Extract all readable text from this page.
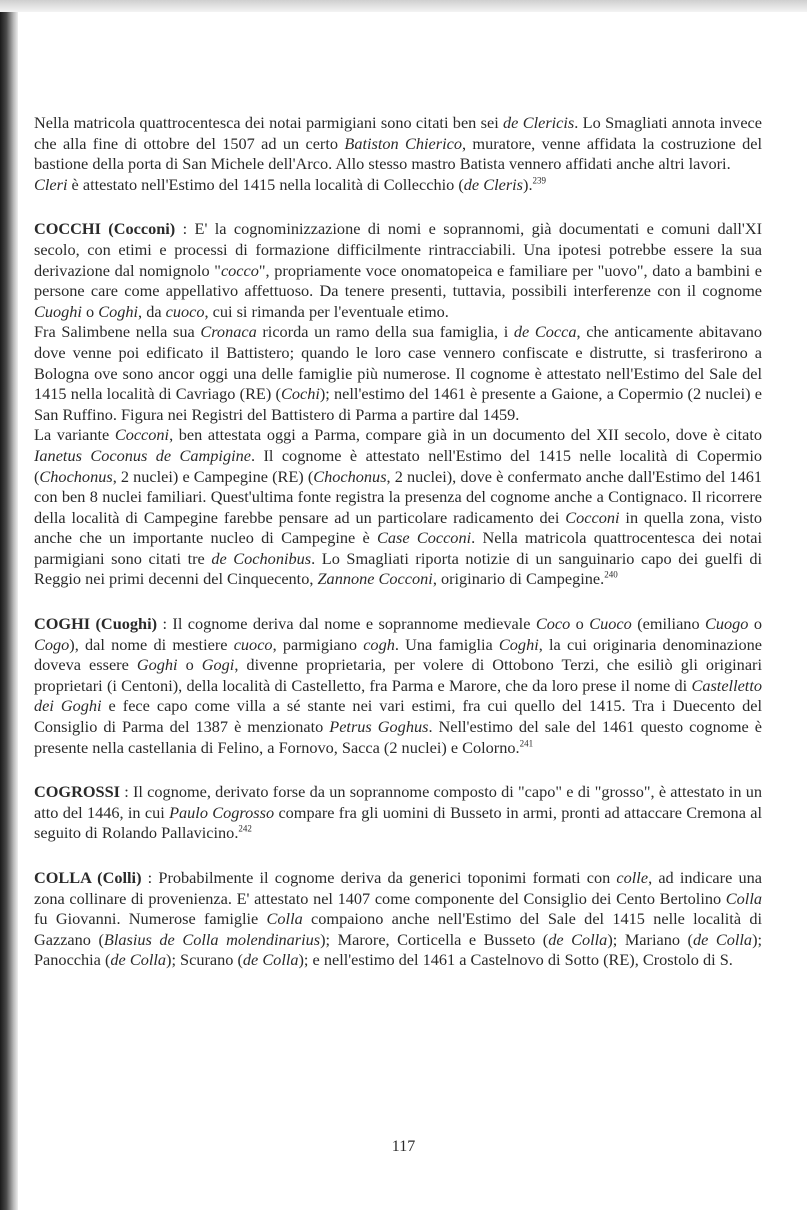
Nella matricola quattrocentesca dei notai parmigiani sono citati ben sei de Clericis. Lo Smagliati annota invece che alla fine di ottobre del 1507 ad un certo Batiston Chierico, muratore, venne affidata la costruzione del bastione della porta di San Michele dell'Arco. Allo stesso mastro Batista vennero affidati anche altri lavori.

Cleri è attestato nell'Estimo del 1415 nella località di Collecchio (de Cleris).$^{239}$

COCCHI (Cocconi) : E' la cognominizzazione di nomi e soprannomi, già documentati e comuni dall'XI secolo, con etimi e processi di formazione difficilmente rintracciabili. Una ipotesi potrebbe essere la sua derivazione dal nomignolo "cocco", propriamente voce onomatopeica e familiare per "uovo", dato a bambini e persone care come appellativo affettuoso. Da tenere presenti, tuttavia, possibili interferenze con il cognome Cuoghi o Coghi, da cuoco, cui si rimanda per l'eventuale etimo.

Fra Salimbene nella sua Cronaca ricorda un ramo della sua famiglia, i de Cocca, che anticamente abitavano dove venne poi edificato il Battistero; quando le loro case vennero confiscate e distrutte, si trasferirono a Bologna ove sono ancor oggi una delle famiglie più numerose. Il cognome è attestato nell'Estimo del Sale del 1415 nella località di Cavriago (RE) (Cochi); nell'estimo del 1461 è presente a Gaione, a Copermio (2 nuclei) e San Ruffino. Figura nei Registri del Battistero di Parma a partire dal 1459.

La variante Cocconi, ben attestata oggi a Parma, compare già in un documento del XII secolo, dove è citato Ianetus Coconus de Campigine. Il cognome è attestato nell'Estimo del 1415 nelle località di Copermio (Chochonus, 2 nuclei) e Campegine (RE) (Chochonus, 2 nuclei), dove è confermato anche dall'Estimo del 1461 con ben 8 nuclei familiari. Quest'ultima fonte registra la presenza del cognome anche a Contignaco. Il ricorrere della località di Campegine farebbe pensare ad un particolare radicamento dei Cocconi in quella zona, visto anche che un importante nucleo di Campegine è Case Cocconi. Nella matricola quattrocentesca dei notai parmigiani sono citati tre de Cochonibus. Lo Smagliati riporta notizie di un sanguinario capo dei guelfi di Reggio nei primi decenni del Cinquecento, Zannone Cocconi, originario di Campegine.$^{240}$

COGHI (Cuoghi) : Il cognome deriva dal nome e soprannome medievale Coco o Cuoco (emiliano Cuogo o Cogo), dal nome di mestiere cuoco, parmigiano cogh. Una famiglia Coghi, la cui originaria denominazione doveva essere Goghi o Gogi, divenne proprietaria, per volere di Ottobono Terzi, che esiliò gli originari proprietari (i Centoni), della località di Castelletto, fra Parma e Marore, che da loro prese il nome di Castelletto dei Goghi e fece capo come villa a sé stante nei vari estimi, fra cui quello del 1415. Tra i Duecento del Consiglio di Parma del 1387 è menzionato Petrus Goghus. Nell'estimo del sale del 1461 questo cognome è presente nella castellania di Felino, a Fornovo, Sacca (2 nuclei) e Colorno.$^{241}$

COGROSSI : Il cognome, derivato forse da un soprannome composto di "capo" e di "grosso", è attestato in un atto del 1446, in cui Paulo Cogrosso compare fra gli uomini di Busseto in armi, pronti ad attaccare Cremona al seguito di Rolando Pallavicino.$^{242}$

COLLA (Colli) : Probabilmente il cognome deriva da generici toponimi formati con colle, ad indicare una zona collinare di provenienza. E' attestato nel 1407 come componente del Consiglio dei Cento Bertolino Colla fu Giovanni. Numerose famiglie Colla compaiono anche nell'Estimo del Sale del 1415 nelle località di Gazzano (Blasius de Colla molendinarius); Marore, Corticella e Busseto (de Colla); Mariano (de Colla); Panocchia (de Colla); Scurano (de Colla); e nell'estimo del 1461 a Castelnovo di Sotto (RE), Crostolo di S.

117
